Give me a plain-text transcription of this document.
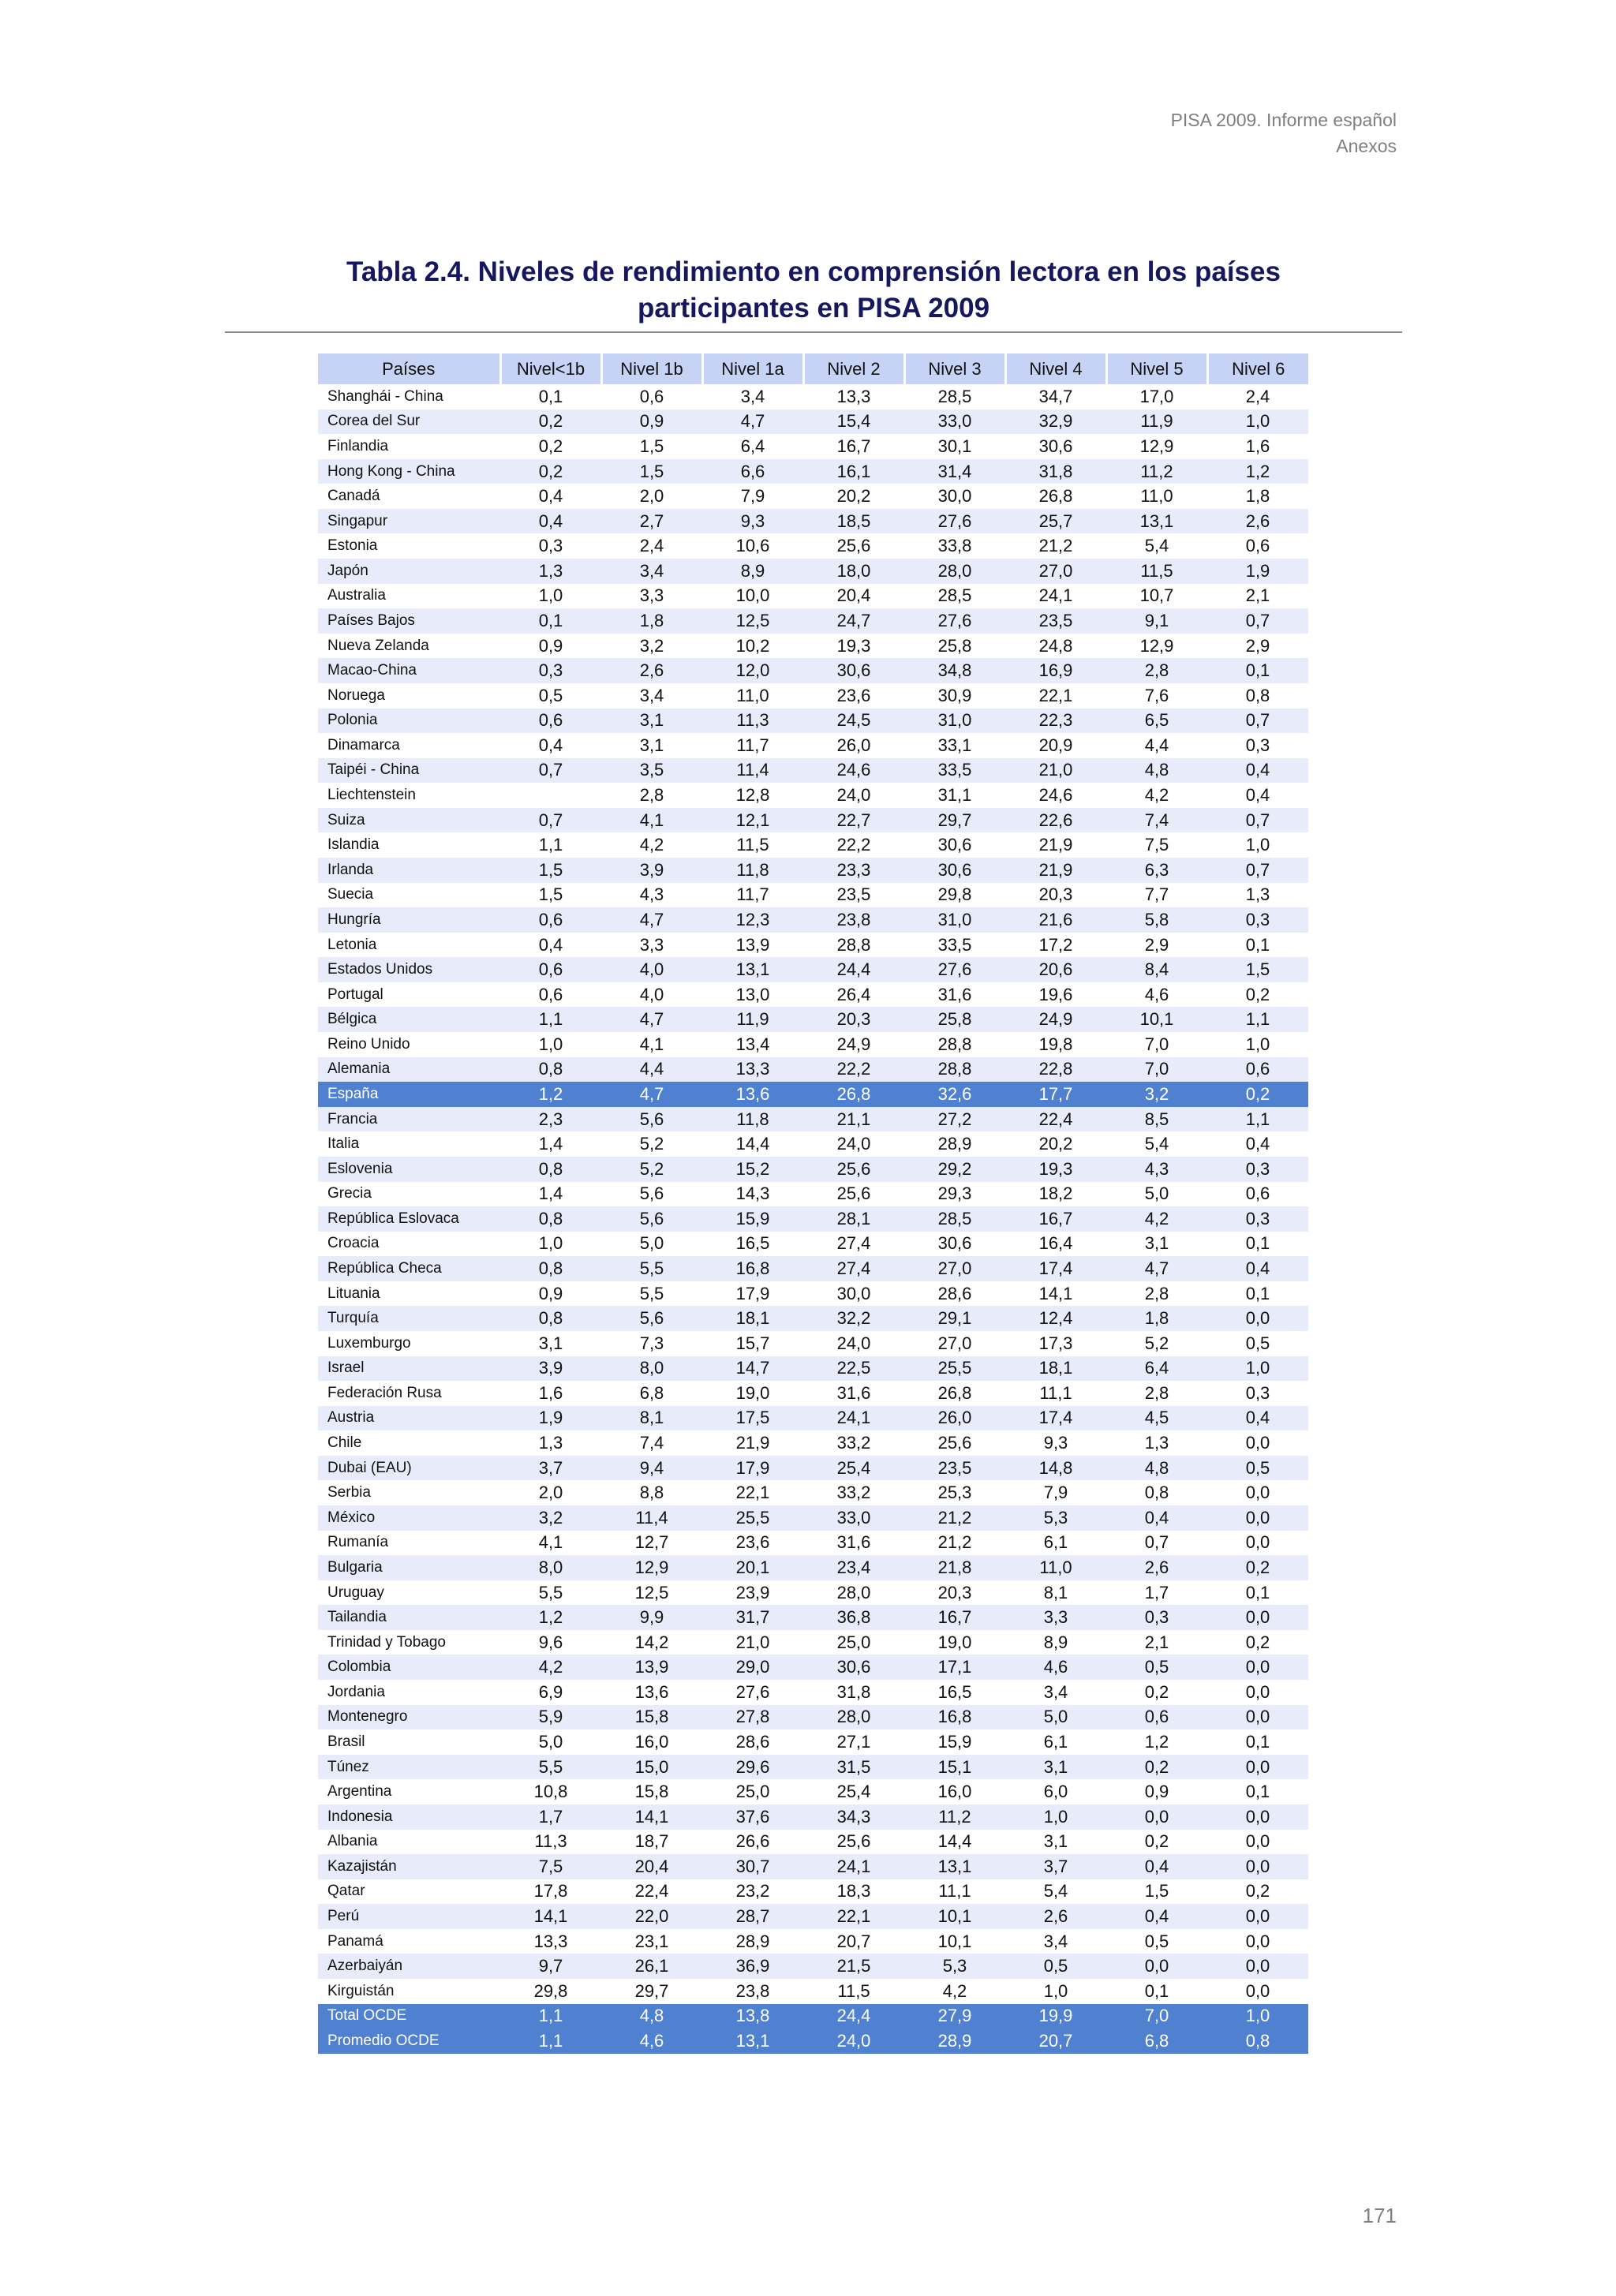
PISA 2009. Informe español
Anexos
Tabla 2.4. Niveles de rendimiento en comprensión lectora en los países
participantes en PISA 2009
Países	Nivel<1b	Nivel 1b	Nivel 1a	Nivel 2	Nivel 3	Nivel 4	Nivel 5	Nivel 6
Shanghái - China	0,1	0,6	3,4	13,3	28,5	34,7	17,0	2,4
Corea del Sur	0,2	0,9	4,7	15,4	33,0	32,9	11,9	1,0
Finlandia	0,2	1,5	6,4	16,7	30,1	30,6	12,9	1,6
Hong Kong - China	0,2	1,5	6,6	16,1	31,4	31,8	11,2	1,2
Canadá	0,4	2,0	7,9	20,2	30,0	26,8	11,0	1,8
Singapur	0,4	2,7	9,3	18,5	27,6	25,7	13,1	2,6
Estonia	0,3	2,4	10,6	25,6	33,8	21,2	5,4	0,6
Japón	1,3	3,4	8,9	18,0	28,0	27,0	11,5	1,9
Australia	1,0	3,3	10,0	20,4	28,5	24,1	10,7	2,1
Países Bajos	0,1	1,8	12,5	24,7	27,6	23,5	9,1	0,7
Nueva Zelanda	0,9	3,2	10,2	19,3	25,8	24,8	12,9	2,9
Macao-China	0,3	2,6	12,0	30,6	34,8	16,9	2,8	0,1
Noruega	0,5	3,4	11,0	23,6	30,9	22,1	7,6	0,8
Polonia	0,6	3,1	11,3	24,5	31,0	22,3	6,5	0,7
Dinamarca	0,4	3,1	11,7	26,0	33,1	20,9	4,4	0,3
Taipéi - China	0,7	3,5	11,4	24,6	33,5	21,0	4,8	0,4
Liechtenstein		2,8	12,8	24,0	31,1	24,6	4,2	0,4
Suiza	0,7	4,1	12,1	22,7	29,7	22,6	7,4	0,7
Islandia	1,1	4,2	11,5	22,2	30,6	21,9	7,5	1,0
Irlanda	1,5	3,9	11,8	23,3	30,6	21,9	6,3	0,7
Suecia	1,5	4,3	11,7	23,5	29,8	20,3	7,7	1,3
Hungría	0,6	4,7	12,3	23,8	31,0	21,6	5,8	0,3
Letonia	0,4	3,3	13,9	28,8	33,5	17,2	2,9	0,1
Estados Unidos	0,6	4,0	13,1	24,4	27,6	20,6	8,4	1,5
Portugal	0,6	4,0	13,0	26,4	31,6	19,6	4,6	0,2
Bélgica	1,1	4,7	11,9	20,3	25,8	24,9	10,1	1,1
Reino Unido	1,0	4,1	13,4	24,9	28,8	19,8	7,0	1,0
Alemania	0,8	4,4	13,3	22,2	28,8	22,8	7,0	0,6
España	1,2	4,7	13,6	26,8	32,6	17,7	3,2	0,2
Francia	2,3	5,6	11,8	21,1	27,2	22,4	8,5	1,1
Italia	1,4	5,2	14,4	24,0	28,9	20,2	5,4	0,4
Eslovenia	0,8	5,2	15,2	25,6	29,2	19,3	4,3	0,3
Grecia	1,4	5,6	14,3	25,6	29,3	18,2	5,0	0,6
República Eslovaca	0,8	5,6	15,9	28,1	28,5	16,7	4,2	0,3
Croacia	1,0	5,0	16,5	27,4	30,6	16,4	3,1	0,1
República Checa	0,8	5,5	16,8	27,4	27,0	17,4	4,7	0,4
Lituania	0,9	5,5	17,9	30,0	28,6	14,1	2,8	0,1
Turquía	0,8	5,6	18,1	32,2	29,1	12,4	1,8	0,0
Luxemburgo	3,1	7,3	15,7	24,0	27,0	17,3	5,2	0,5
Israel	3,9	8,0	14,7	22,5	25,5	18,1	6,4	1,0
Federación Rusa	1,6	6,8	19,0	31,6	26,8	11,1	2,8	0,3
Austria	1,9	8,1	17,5	24,1	26,0	17,4	4,5	0,4
Chile	1,3	7,4	21,9	33,2	25,6	9,3	1,3	0,0
Dubai (EAU)	3,7	9,4	17,9	25,4	23,5	14,8	4,8	0,5
Serbia	2,0	8,8	22,1	33,2	25,3	7,9	0,8	0,0
México	3,2	11,4	25,5	33,0	21,2	5,3	0,4	0,0
Rumanía	4,1	12,7	23,6	31,6	21,2	6,1	0,7	0,0
Bulgaria	8,0	12,9	20,1	23,4	21,8	11,0	2,6	0,2
Uruguay	5,5	12,5	23,9	28,0	20,3	8,1	1,7	0,1
Tailandia	1,2	9,9	31,7	36,8	16,7	3,3	0,3	0,0
Trinidad y Tobago	9,6	14,2	21,0	25,0	19,0	8,9	2,1	0,2
Colombia	4,2	13,9	29,0	30,6	17,1	4,6	0,5	0,0
Jordania	6,9	13,6	27,6	31,8	16,5	3,4	0,2	0,0
Montenegro	5,9	15,8	27,8	28,0	16,8	5,0	0,6	0,0
Brasil	5,0	16,0	28,6	27,1	15,9	6,1	1,2	0,1
Túnez	5,5	15,0	29,6	31,5	15,1	3,1	0,2	0,0
Argentina	10,8	15,8	25,0	25,4	16,0	6,0	0,9	0,1
Indonesia	1,7	14,1	37,6	34,3	11,2	1,0	0,0	0,0
Albania	11,3	18,7	26,6	25,6	14,4	3,1	0,2	0,0
Kazajistán	7,5	20,4	30,7	24,1	13,1	3,7	0,4	0,0
Qatar	17,8	22,4	23,2	18,3	11,1	5,4	1,5	0,2
Perú	14,1	22,0	28,7	22,1	10,1	2,6	0,4	0,0
Panamá	13,3	23,1	28,9	20,7	10,1	3,4	0,5	0,0
Azerbaiyán	9,7	26,1	36,9	21,5	5,3	0,5	0,0	0,0
Kirguistán	29,8	29,7	23,8	11,5	4,2	1,0	0,1	0,0
Total OCDE	1,1	4,8	13,8	24,4	27,9	19,9	7,0	1,0
Promedio OCDE	1,1	4,6	13,1	24,0	28,9	20,7	6,8	0,8
171
